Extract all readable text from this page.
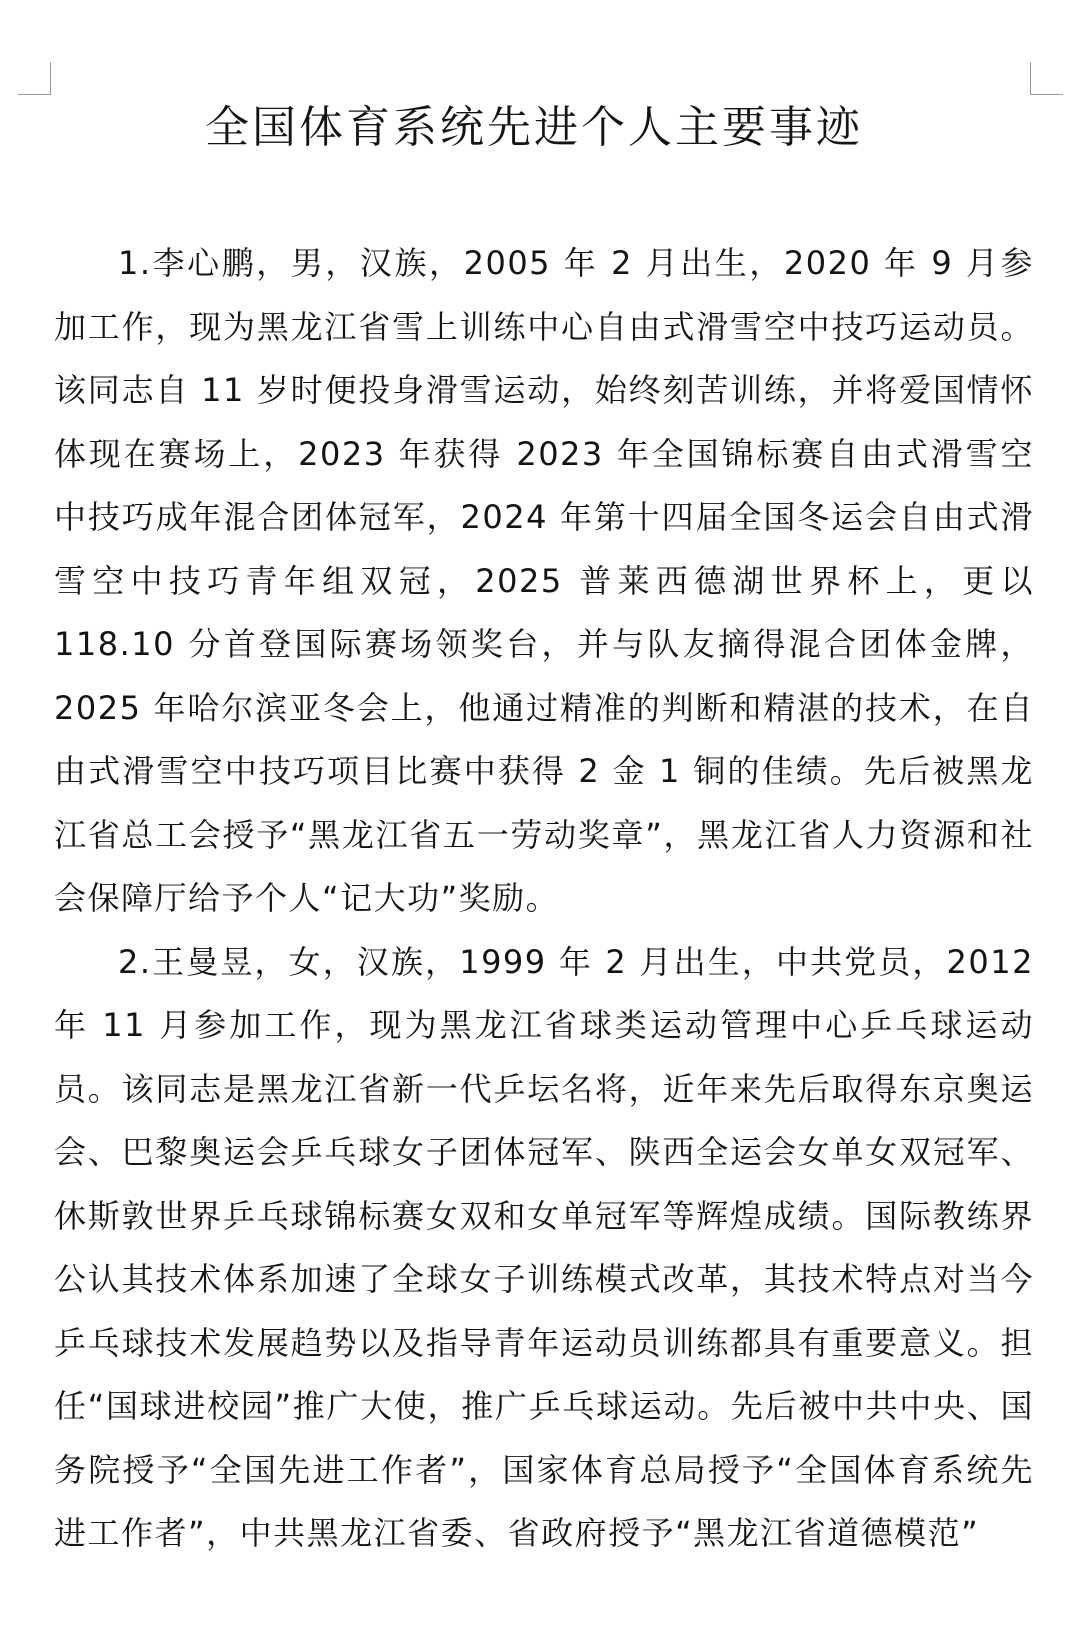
全国体育系统先进个人主要事迹

1.李心鹏，男，汉族，2005 年 2 月出生，2020 年 9 月参加工作，现为黑龙江省雪上训练中心自由式滑雪空中技巧运动员。该同志自 11 岁时便投身滑雪运动，始终刻苦训练，并将爱国情怀体现在赛场上，2023 年获得 2023 年全国锦标赛自由式滑雪空中技巧成年混合团体冠军，2024 年第十四届全国冬运会自由式滑雪空中技巧青年组双冠，2025 普莱西德湖世界杯上，更以 118.10 分首登国际赛场领奖台，并与队友摘得混合团体金牌，2025 年哈尔滨亚冬会上，他通过精准的判断和精湛的技术，在自由式滑雪空中技巧项目比赛中获得 2 金 1 铜的佳绩。先后被黑龙江省总工会授予“黑龙江省五一劳动奖章”，黑龙江省人力资源和社会保障厅给予个人“记大功”奖励。

2.王曼昱，女，汉族，1999 年 2 月出生，中共党员，2012 年 11 月参加工作，现为黑龙江省球类运动管理中心乒乓球运动员。该同志是黑龙江省新一代乒坛名将，近年来先后取得东京奥运会、巴黎奥运会乒乓球女子团体冠军、陕西全运会女单女双冠军、休斯敦世界乒乓球锦标赛女双和女单冠军等辉煌成绩。国际教练界公认其技术体系加速了全球女子训练模式改革，其技术特点对当今乒乓球技术发展趋势以及指导青年运动员训练都具有重要意义。担任“国球进校园”推广大使，推广乒乓球运动。先后被中共中央、国务院授予“全国先进工作者”，国家体育总局授予“全国体育系统先进工作者”，中共黑龙江省委、省政府授予“黑龙江省道德模范”
